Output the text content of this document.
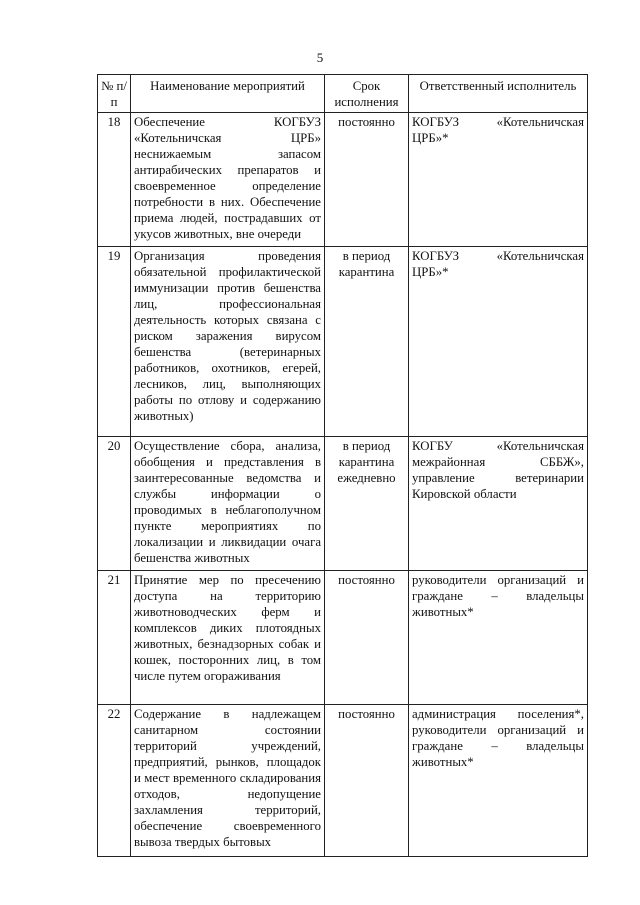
5
№ п/п	Наименование мероприятий	Срок исполнения	Ответственный исполнитель
18	Обеспечение КОГБУЗ «Котельничская ЦРБ» неснижаемым запасом антирабических препаратов и своевременное определение потребности в них. Обеспечение приема людей, пострадавших от укусов животных, вне очереди	постоянно	КОГБУЗ «Котельничская ЦРБ»*
19	Организация проведения обязательной профилактической иммунизации против бешенства лиц, профессиональная деятельность которых связана с риском заражения вирусом бешенства (ветеринарных работников, охотников, егерей, лесников, лиц, выполняющих работы по отлову и содержанию животных)	в период карантина	КОГБУЗ «Котельничская ЦРБ»*
20	Осуществление сбора, анализа, обобщения и представления в заинтересованные ведомства и службы информации о проводимых в неблагополучном пункте мероприятиях по локализации и ликвидации очага бешенства животных	в период карантина ежедневно	КОГБУ «Котельничская межрайонная СББЖ», управление ветеринарии Кировской области
21	Принятие мер по пресечению доступа на территорию животноводческих ферм и комплексов диких плотоядных животных, безнадзорных собак и кошек, посторонних лиц, в том числе путем огораживания	постоянно	руководители организаций и граждане – владельцы животных*
22	Содержание в надлежащем санитарном состоянии территорий учреждений, предприятий, рынков, площадок и мест временного складирования отходов, недопущение захламления территорий, обеспечение своевременного вывоза твердых бытовых	постоянно	администрация поселения*, руководители организаций и граждане – владельцы животных*
